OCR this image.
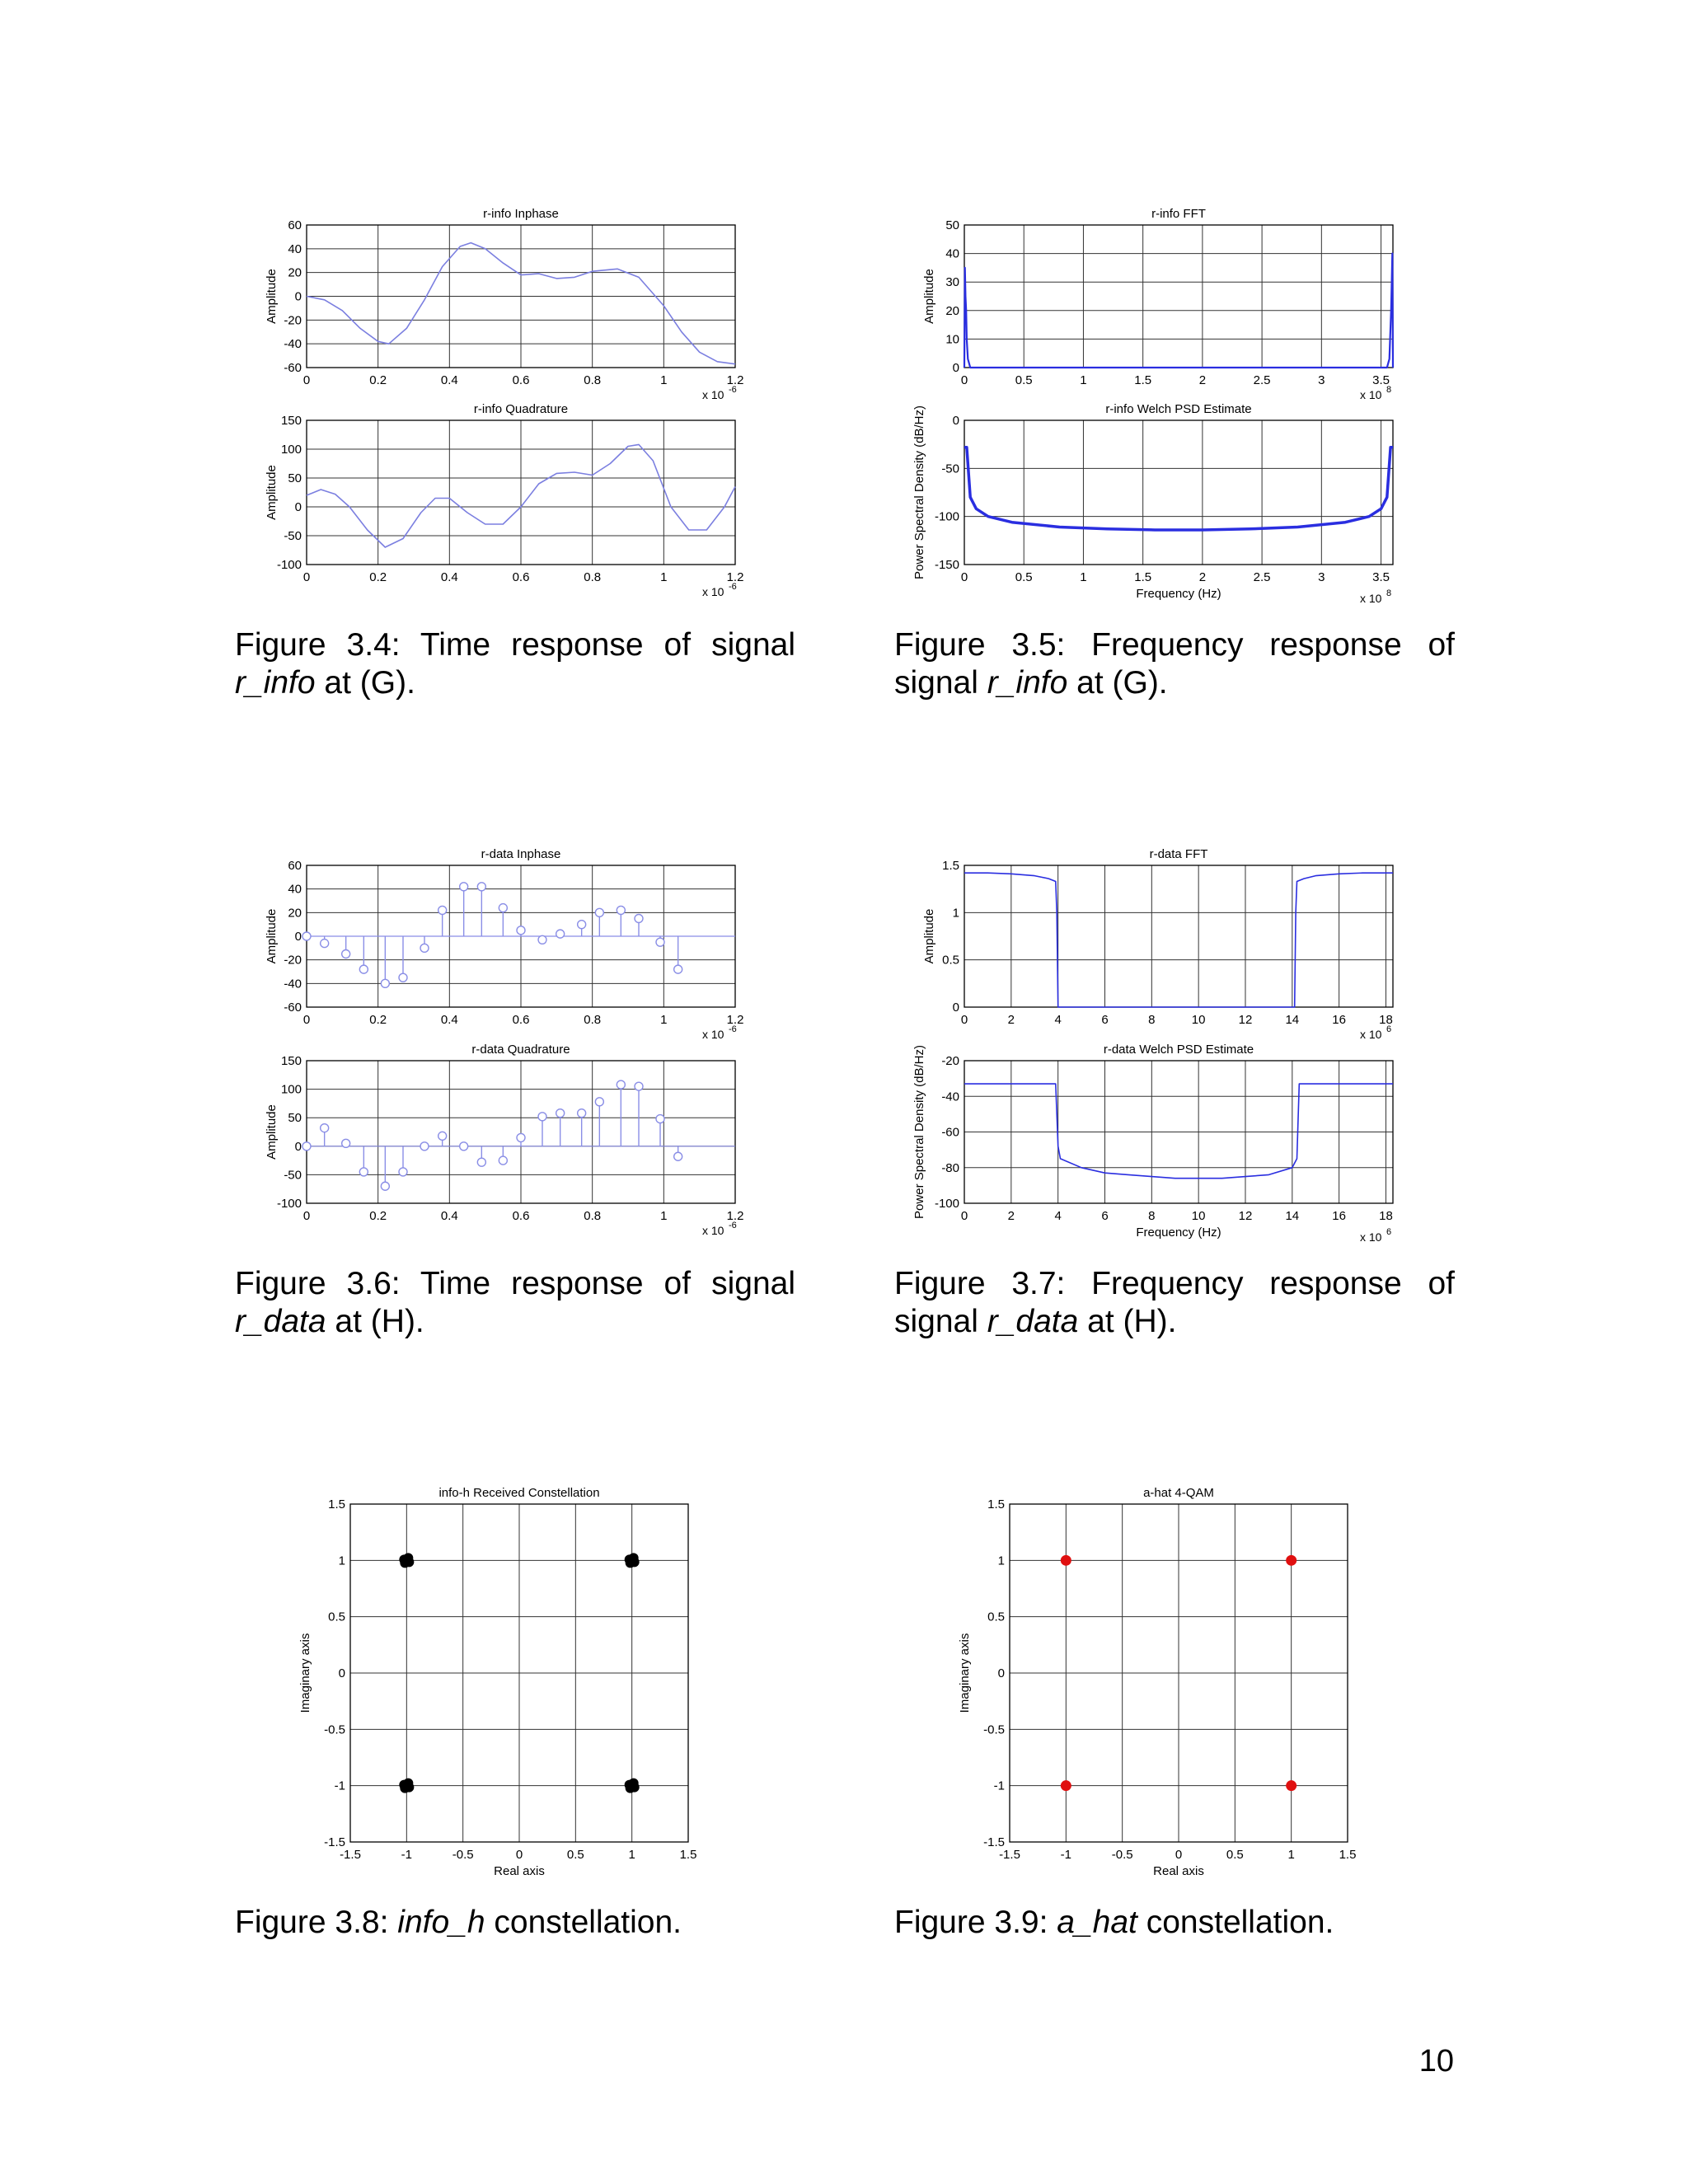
0	0.2	0.4	0.6	0.8	1	1.2
-60
-40
-20
0
20
40
60
r-info Inphase
Amplitude
x 10 -6
0	0.2	0.4	0.6	0.8	1	1.2
-100
-50
0
50
100
150
r-info Quadrature
Amplitude
x 10 -6
0	0.5	1	1.5	2	2.5	3	3.5
0
10
20
30
40
50
r-info FFT
Amplitude
x 10 8
0	0.5	1	1.5	2	2.5	3	3.5
-150
-100
-50
0
r-info Welch PSD Estimate
Frequency (Hz)
Power Spectral Density (dB/Hz)
x 10 8
0	0.2	0.4	0.6	0.8	1	1.2
-60
-40
-20
0
20
40
60
r-data Inphase
Amplitude
x 10 -6
0	0.2	0.4	0.6	0.8	1	1.2
-100
-50
0
50
100
150
r-data Quadrature
Amplitude
x 10 -6
0	2	4	6	8	10	12	14	16	18
0
0.5
1
1.5
r-data FFT
Amplitude
x 10 6
0	2	4	6	8	10	12	14	16	18
-100
-80
-60
-40
-20
r-data Welch PSD Estimate
Frequency (Hz)
Power Spectral Density (dB/Hz)
x 10 6
-1.5	-1	-0.5	0	0.5	1	1.5
-1.5
-1
-0.5
0
0.5
1
1.5
info-h Received Constellation
Real axis
Imaginary axis
-1.5	-1	-0.5	0	0.5	1	1.5
-1.5
-1
-0.5
0
0.5
1
1.5
a-hat 4-QAM
Real axis
Imaginary axis
Figure 3.4: Time response of signal r_info at (G).
Figure 3.5: Frequency response of signal r_info at (G).
Figure 3.6: Time response of signal r_data at (H).
Figure 3.7: Frequency response of signal r_data at (H).
Figure 3.8: info_h constellation.	Figure 3.9: a_hat constellation.
10
